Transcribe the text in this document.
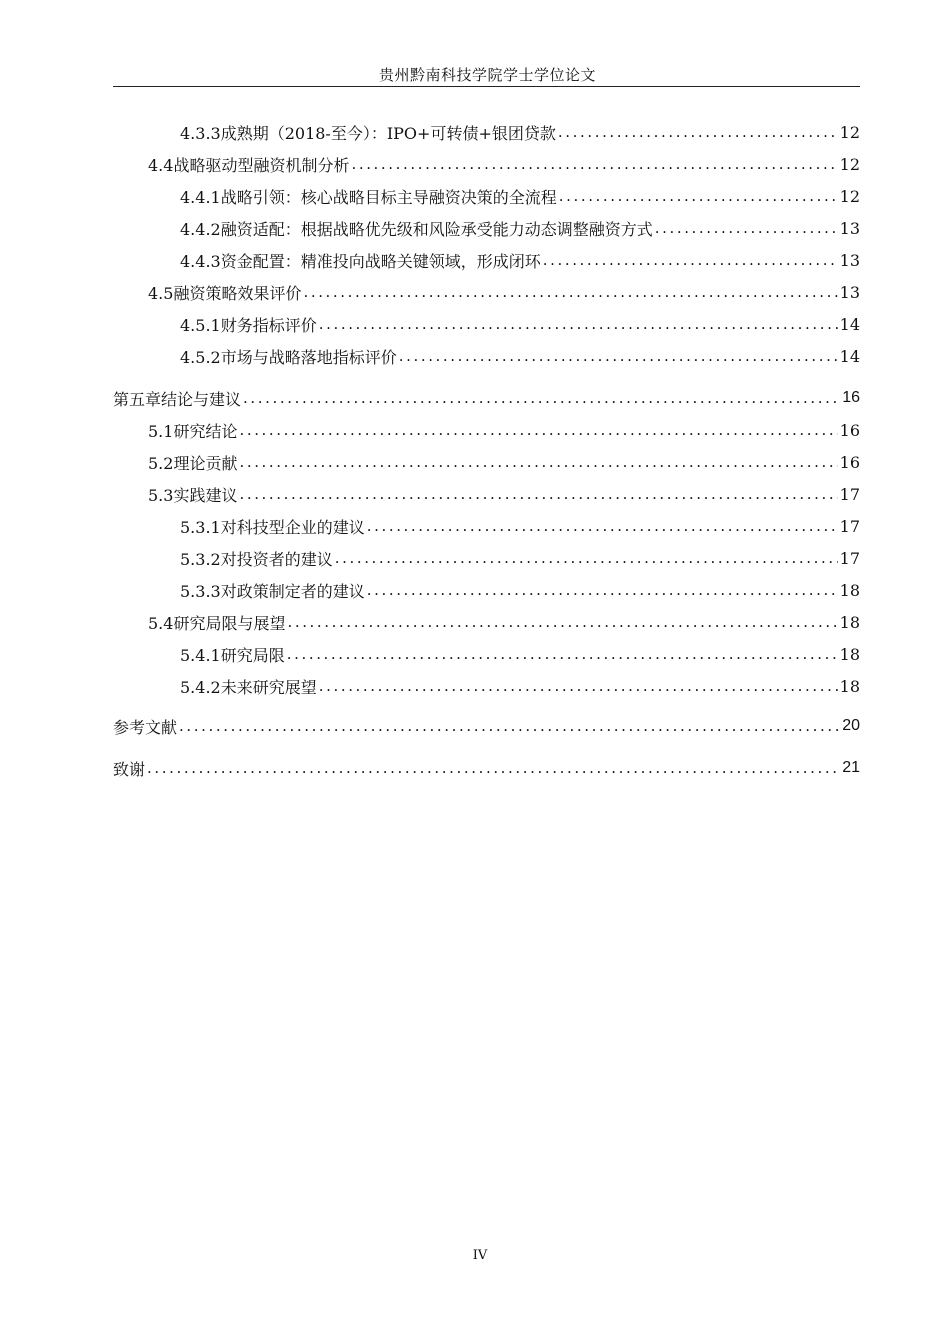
贵州黔南科技学院学士学位论文
4.3.3成熟期（2018-至今）：IPO+可转债+银团贷款 .....	12
4.4战略驱动型融资机制分析 .....	12
4.4.1战略引领：核心战略目标主导融资决策的全流程 .....	12
4.4.2融资适配：根据战略优先级和风险承受能力动态调整融资方式 .....	13
4.4.3资金配置：精准投向战略关键领域，形成闭环 .....	13
4.5融资策略效果评价 .....	13
4.5.1财务指标评价 .....	14
4.5.2市场与战略落地指标评价 .....	14
第五章结论与建议 .....	16
5.1研究结论 .....	16
5.2理论贡献 .....	16
5.3实践建议 .....	17
5.3.1对科技型企业的建议 .....	17
5.3.2对投资者的建议 .....	17
5.3.3对政策制定者的建议 .....	18
5.4研究局限与展望 .....	18
5.4.1研究局限 .....	18
5.4.2未来研究展望 .....	18
参考文献 .....	20
致谢 .....	21
IV
